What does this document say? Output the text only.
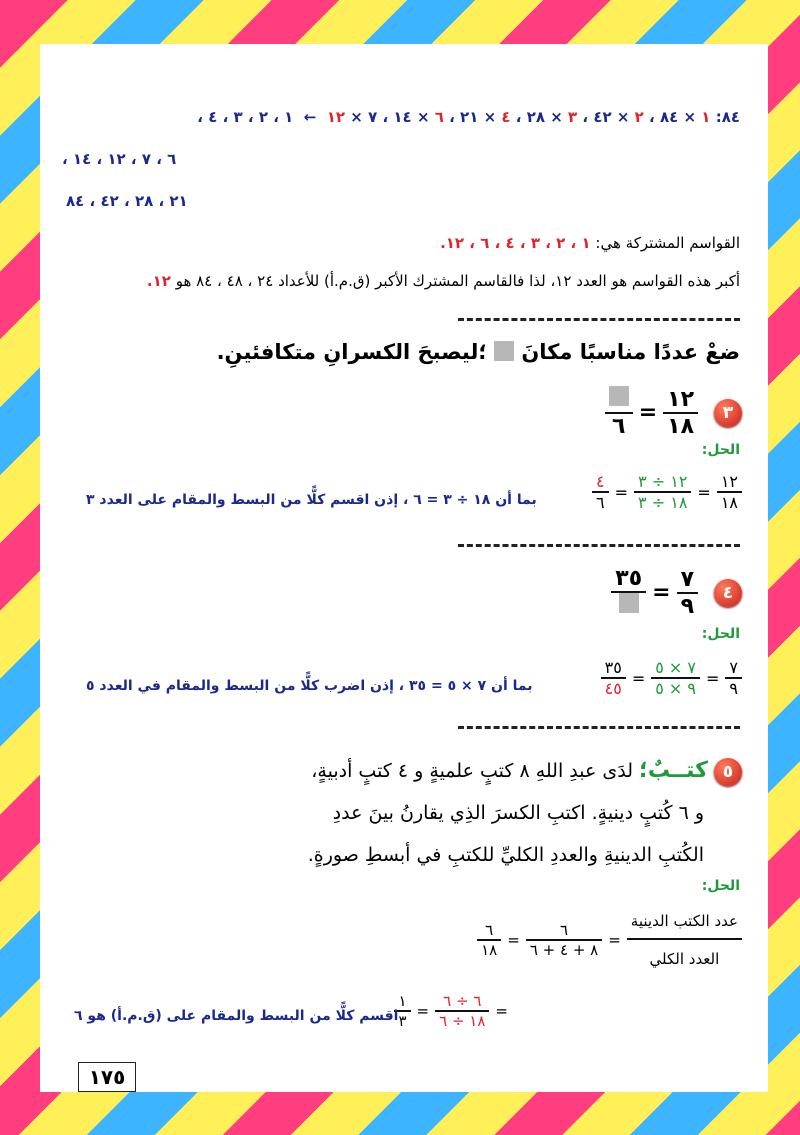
٨٤: ١ × ٨٤ ، ٢ × ٤٢ ، ٣ × ٢٨ ، ٤ × ٢١ ، ٦ × ١٤ ، ٧ × ١٢  ←  ١ ، ٢ ، ٣ ، ٤ ،
٦ ، ٧ ، ١٢ ، ١٤ ،
٢١ ، ٢٨ ، ٤٢ ، ٨٤
القواسم المشتركة هي: ١ ، ٢ ، ٣ ، ٤ ، ٦ ، ١٢.
أكبر هذه القواسم هو العدد ١٢، لذا فالقاسم المشترك الأكبر (ق.م.أ) للأعداد ٢٤ ، ٤٨ ، ٨٤ هو ١٢.
ضعْ عددًا مناسبًا مكانَ  ؛ليصبحَ الكسرانِ متكافئينِ.
٣
$\frac{١٢}{١٨}$
=
٦
الحل:
$\frac{١٢}{١٨}$
=
$\frac{١٢ \div ٣}{١٨ \div ٣}$
=
$\frac{٤}{٦}$
بما أن ١٨ ÷ ٣ = ٦ ، إذن اقسم كلًّا من البسط والمقام على العدد ٣
٤
$\frac{٧}{٩}$
=
٣٥
الحل:
$\frac{٧}{٩}$
=
$\frac{٧ \times ٥}{٩ \times ٥}$
=
$\frac{٣٥}{٤٥}$
بما أن ٧ × ٥ = ٣٥ ، إذن اضرب كلًّا من البسط والمقام في العدد ٥
٥ كتــبٌ؛ لدَى عبدِ اللهِ ٨ كتبٍ علميةٍ و ٤ كتبٍ أدبيةٍ،
و ٦ كُتبٍ دينيةٍ. اكتبِ الكسرَ الذِي يقارنُ بينَ عددِ
الكُتبِ الدينيةِ والعددِ الكليِّ للكتبِ في أبسطِ صورةٍ.
الحل:
$\frac{\text{عدد الكتب الدينية}}{\text{العدد الكلي}}$
=
$\frac{٦}{٨ + ٤ + ٦}$
=
$\frac{٦}{١٨}$
=
$\frac{٦ \div ٦}{١٨ \div ٦}$
=
$\frac{١}{٣}$
اقسم كلًّا من البسط والمقام على (ق.م.أ) هو ٦
١٧٥
